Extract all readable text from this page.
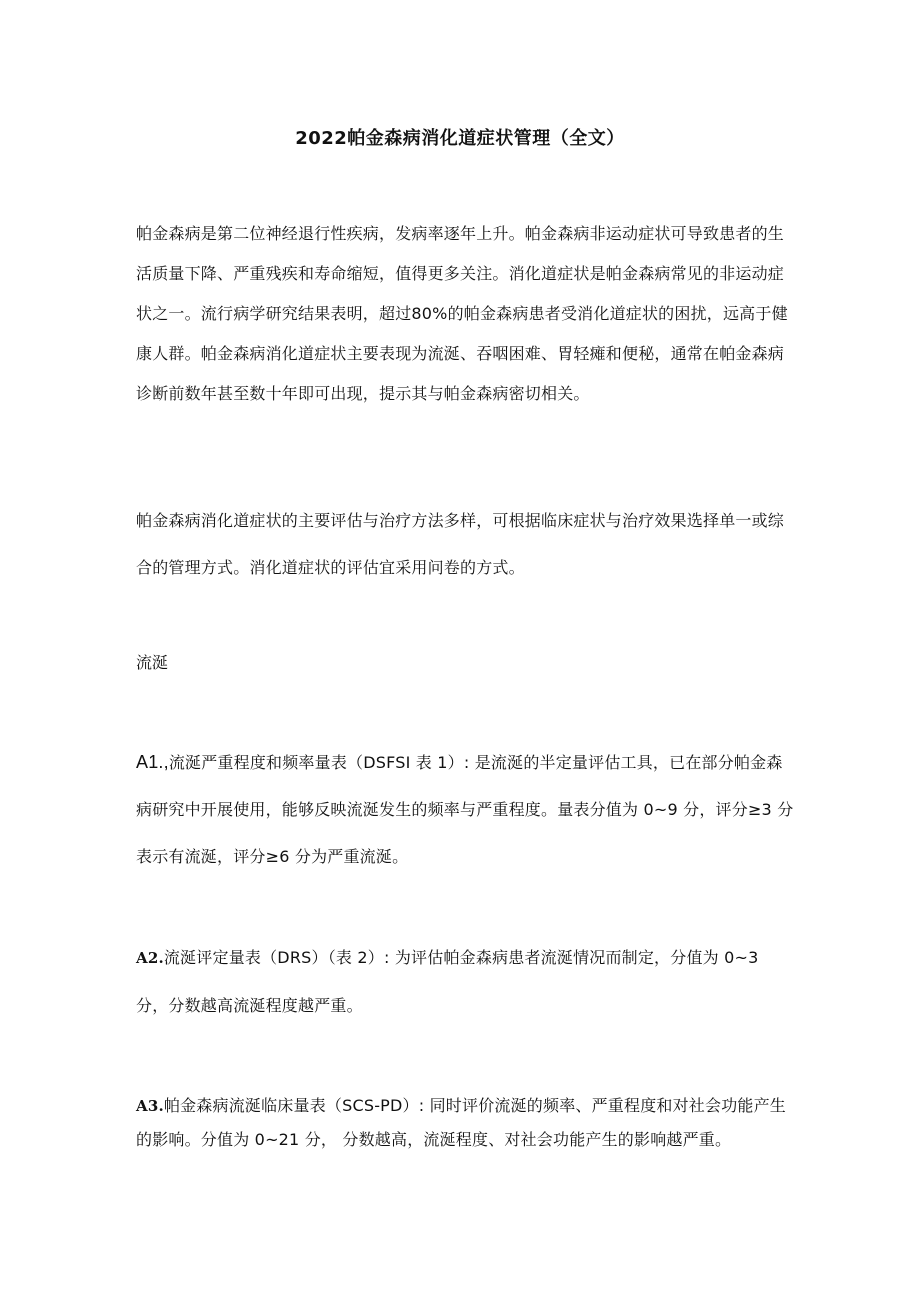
2022帕金森病消化道症状管理（全文）
帕金森病是第二位神经退行性疾病，发病率逐年上升。帕金森病非运动症状可导致患者的生活质量下降、严重残疾和寿命缩短，值得更多关注。消化道症状是帕金森病常见的非运动症状之一。流行病学研究结果表明，超过80%的帕金森病患者受消化道症状的困扰，远高于健康人群。帕金森病消化道症状主要表现为流涎、吞咽困难、胃轻瘫和便秘，通常在帕金森病诊断前数年甚至数十年即可出现，提示其与帕金森病密切相关。
帕金森病消化道症状的主要评估与治疗方法多样，可根据临床症状与治疗效果选择单一或综合的管理方式。消化道症状的评估宜采用问卷的方式。
流涎
A1.,流涎严重程度和频率量表（DSFSI 表 1）: 是流涎的半定量评估工具，已在部分帕金森病研究中开展使用，能够反映流涎发生的频率与严重程度。量表分值为 0~9 分，评分≥3 分表示有流涎，评分≥6 分为严重流涎。
A2.流涎评定量表（DRS）（表 2）: 为评估帕金森病患者流涎情况而制定，分值为 0~3 分，分数越高流涎程度越严重。
A3.帕金森病流涎临床量表（SCS-PD）: 同时评价流涎的频率、严重程度和对社会功能产生的影响。分值为 0~21 分， 分数越高，流涎程度、对社会功能产生的影响越严重。
